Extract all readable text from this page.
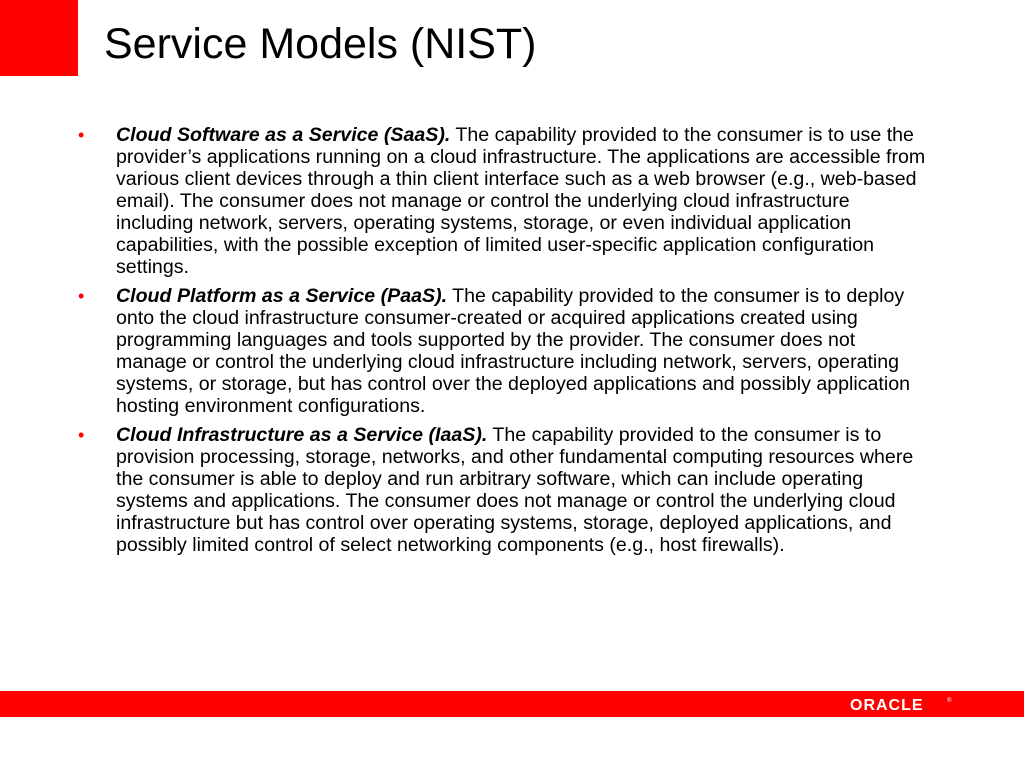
Service Models (NIST)
• Cloud Software as a Service (SaaS). The capability provided to the consumer is to use the provider’s applications running on a cloud infrastructure. The applications are accessible from various client devices through a thin client interface such as a web browser (e.g., web-based email). The consumer does not manage or control the underlying cloud infrastructure including network, servers, operating systems, storage, or even individual application capabilities, with the possible exception of limited user-specific application configuration settings.
• Cloud Platform as a Service (PaaS). The capability provided to the consumer is to deploy onto the cloud infrastructure consumer-created or acquired applications created using programming languages and tools supported by the provider. The consumer does not manage or control the underlying cloud infrastructure including network, servers, operating systems, or storage, but has control over the deployed applications and possibly application hosting environment configurations.
• Cloud Infrastructure as a Service (IaaS). The capability provided to the consumer is to provision processing, storage, networks, and other fundamental computing resources where the consumer is able to deploy and run arbitrary software, which can include operating systems and applications. The consumer does not manage or control the underlying cloud infrastructure but has control over operating systems, storage, deployed applications, and possibly limited control of select networking components (e.g., host firewalls).
ORACLE	®
